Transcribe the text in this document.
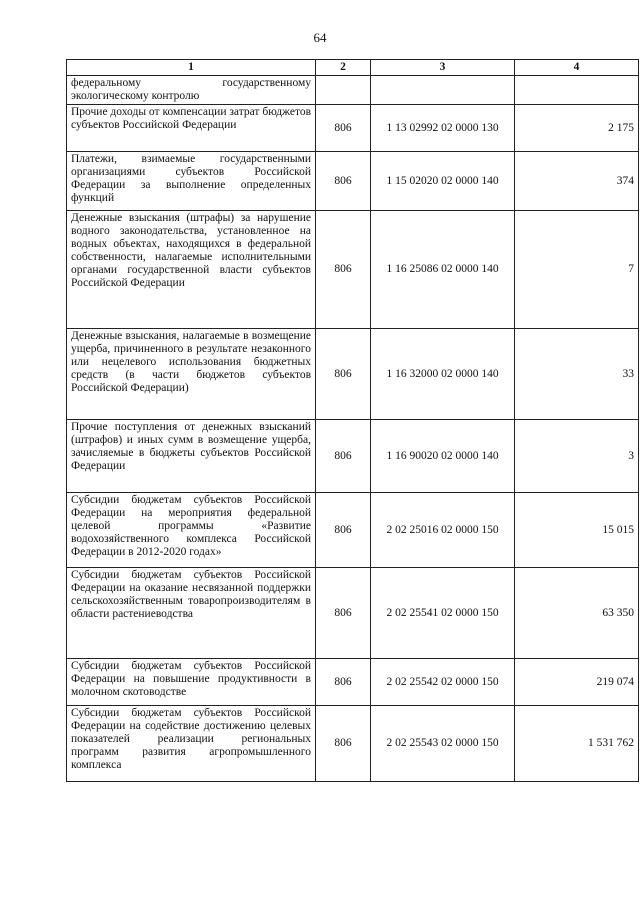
64
1	2	3	4
федеральному государственному экологическому контролю			
Прочие доходы от компенсации затрат бюджетов субъектов Российской Федерации	806	1 13 02992 02 0000 130	2 175
Платежи, взимаемые государственными организациями субъектов Российской Федерации за выполнение определенных функций	806	1 15 02020 02 0000 140	374
Денежные взыскания (штрафы) за нарушение водного законодательства, установленное на водных объектах, находящихся в федеральной собственности, налагаемые исполнительными органами государственной власти субъектов Российской Федерации	806	1 16 25086 02 0000 140	7
Денежные взыскания, налагаемые в возмещение ущерба, причиненного в результате незаконного или нецелевого использования бюджетных средств (в части бюджетов субъектов Российской Федерации)	806	1 16 32000 02 0000 140	33
Прочие поступления от денежных взысканий (штрафов) и иных сумм в возмещение ущерба, зачисляемые в бюджеты субъектов Российской Федерации	806	1 16 90020 02 0000 140	3
Субсидии бюджетам субъектов Российской Федерации на мероприятия федеральной целевой программы «Развитие водохозяйственного комплекса Российской Федерации в 2012-2020 годах»	806	2 02 25016 02 0000 150	15 015
Субсидии бюджетам субъектов Российской Федерации на оказание несвязанной поддержки сельскохозяйственным товаропроизводителям в области растениеводства	806	2 02 25541 02 0000 150	63 350
Субсидии бюджетам субъектов Российской Федерации на повышение продуктивности в молочном скотоводстве	806	2 02 25542 02 0000 150	219 074
Субсидии бюджетам субъектов Российской Федерации на содействие достижению целевых показателей реализации региональных программ развития агропромышленного комплекса	806	2 02 25543 02 0000 150	1 531 762
